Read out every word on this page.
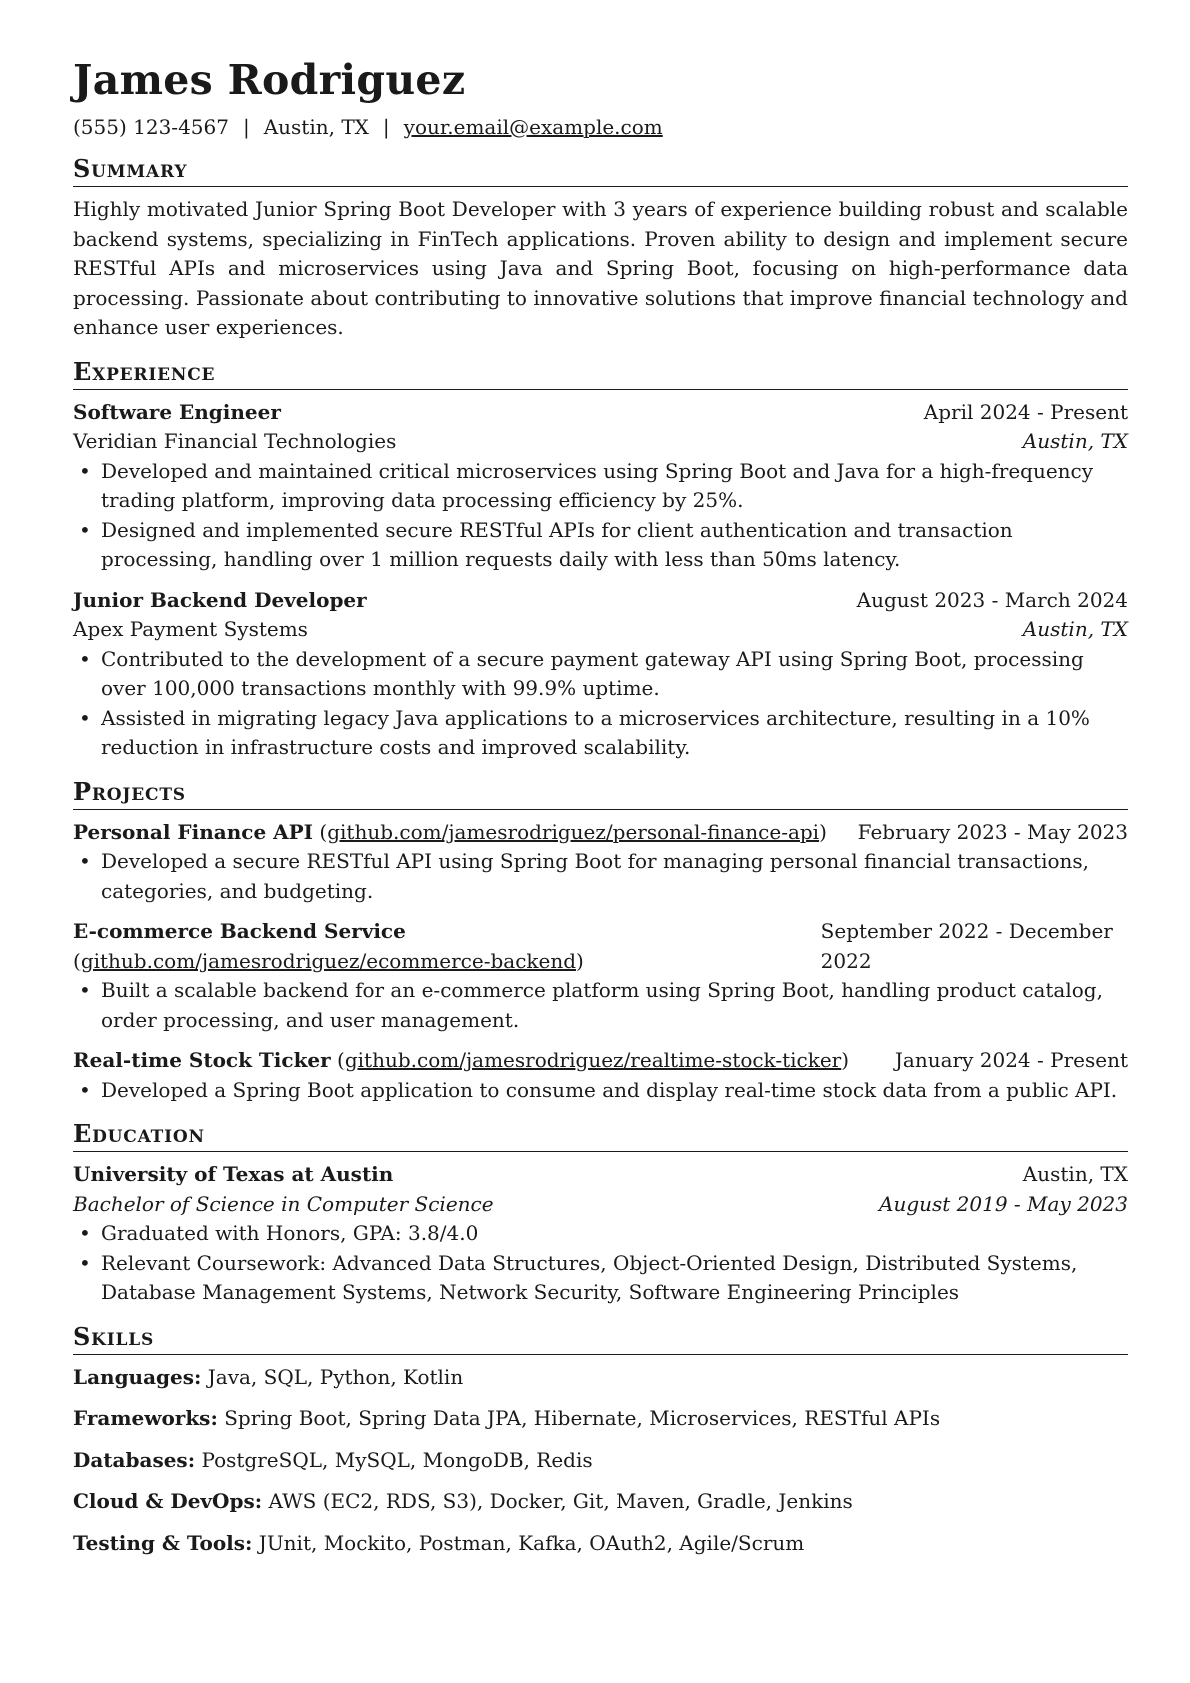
James Rodriguez
(555) 123-4567 | Austin, TX | your.email@example.com
Summary
Highly motivated Junior Spring Boot Developer with 3 years of experience building robust and scalable backend systems, specializing in FinTech applications. Proven ability to design and implement secure RESTful APIs and microservices using Java and Spring Boot, focusing on high-performance data processing. Passionate about contributing to innovative solutions that improve financial technology and enhance user experiences.
Experience
Software Engineer	April 2024 - Present
Veridian Financial Technologies	Austin, TX
• Developed and maintained critical microservices using Spring Boot and Java for a high-frequency trading platform, improving data processing efficiency by 25%.
• Designed and implemented secure RESTful APIs for client authentication and transaction processing, handling over 1 million requests daily with less than 50ms latency.
Junior Backend Developer	August 2023 - March 2024
Apex Payment Systems	Austin, TX
• Contributed to the development of a secure payment gateway API using Spring Boot, processing over 100,000 transactions monthly with 99.9% uptime.
• Assisted in migrating legacy Java applications to a microservices architecture, resulting in a 10% reduction in infrastructure costs and improved scalability.
Projects
Personal Finance API (github.com/jamesrodriguez/personal-finance-api) February 2023 - May 2023
• Developed a secure RESTful API using Spring Boot for managing personal financial transactions, categories, and budgeting.
E-commerce Backend Service (github.com/jamesrodriguez/ecommerce-backend)
September 2022 - December 2022
• Built a scalable backend for an e-commerce platform using Spring Boot, handling product catalog, order processing, and user management.
Real-time Stock Ticker (github.com/jamesrodriguez/realtime-stock-ticker) January 2024 - Present
• Developed a Spring Boot application to consume and display real-time stock data from a public API.
Education
University of Texas at Austin	Austin, TX
Bachelor of Science in Computer Science	August 2019 - May 2023
• Graduated with Honors, GPA: 3.8/4.0
• Relevant Coursework: Advanced Data Structures, Object-Oriented Design, Distributed Systems, Database Management Systems, Network Security, Software Engineering Principles
Skills
Languages: Java, SQL, Python, Kotlin
Frameworks: Spring Boot, Spring Data JPA, Hibernate, Microservices, RESTful APIs
Databases: PostgreSQL, MySQL, MongoDB, Redis
Cloud & DevOps: AWS (EC2, RDS, S3), Docker, Git, Maven, Gradle, Jenkins
Testing & Tools: JUnit, Mockito, Postman, Kafka, OAuth2, Agile/Scrum
